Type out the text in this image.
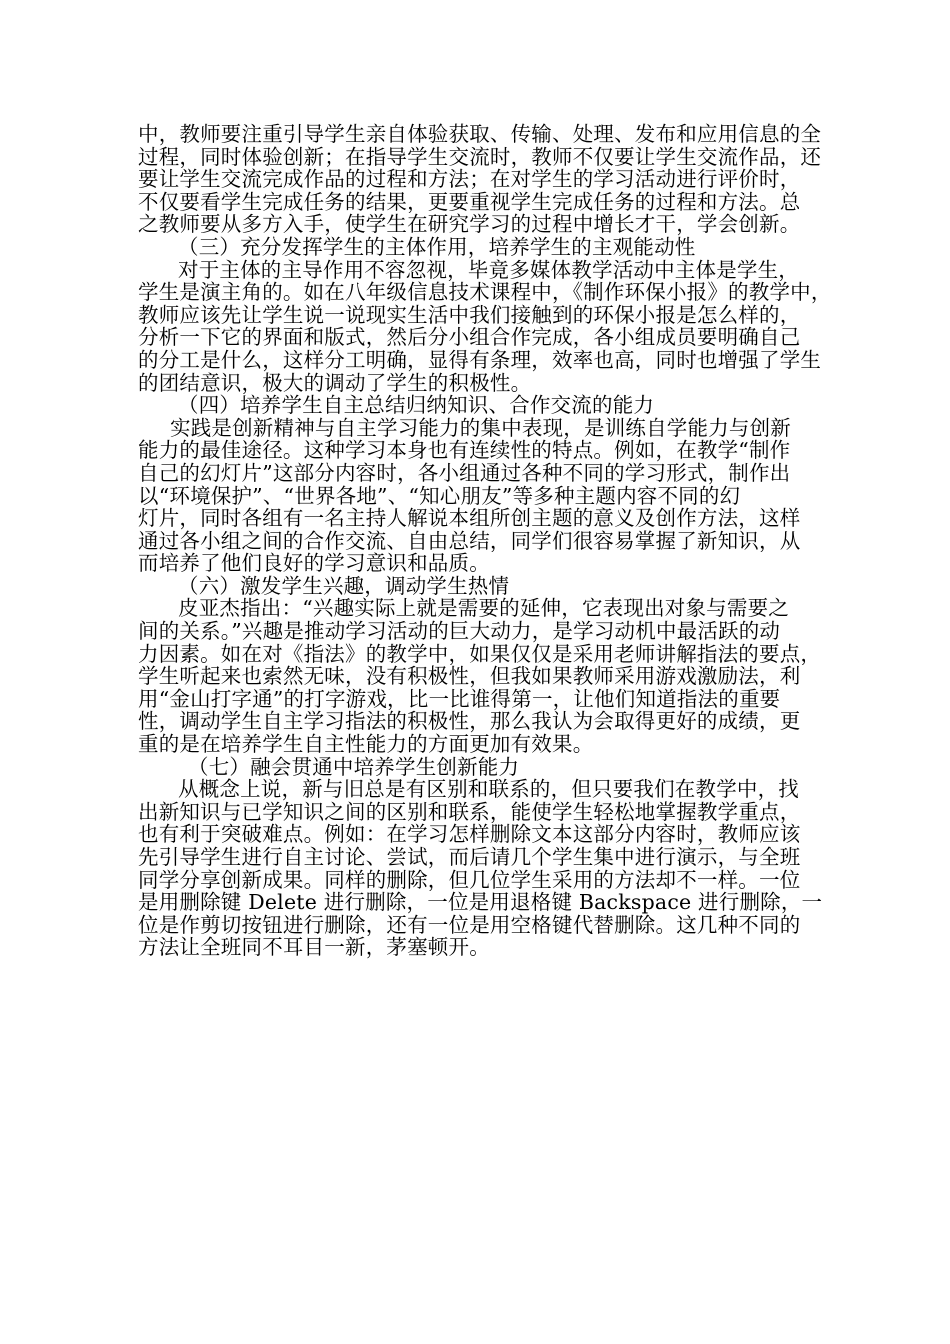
中，教师要注重引导学生亲自体验获取、传输、处理、发布和应用信息的全
过程，同时体验创新；在指导学生交流时，教师不仅要让学生交流作品，还
要让学生交流完成作品的过程和方法；在对学生的学习活动进行评价时，
不仅要看学生完成任务的结果，更要重视学生完成任务的过程和方法。总
之教师要从多方入手，使学生在研究学习的过程中增长才干，学会创新。
（三）充分发挥学生的主体作用，培养学生的主观能动性
对于主体的主导作用不容忽视，毕竟多媒体教学活动中主体是学生，
学生是演主角的。如在八年级信息技术课程中，《制作环保小报》的教学中，
教师应该先让学生说一说现实生活中我们接触到的环保小报是怎么样的，
分析一下它的界面和版式，然后分小组合作完成，各小组成员要明确自己
的分工是什么，这样分工明确，显得有条理，效率也高，同时也增强了学生
的团结意识，极大的调动了学生的积极性。
（四）培养学生自主总结归纳知识、合作交流的能力
实践是创新精神与自主学习能力的集中表现，是训练自学能力与创新
能力的最佳途径。这种学习本身也有连续性的特点。例如，在教学“制作
自己的幻灯片”这部分内容时，各小组通过各种不同的学习形式，制作出
以“环境保护”、“世界各地”、“知心朋友”等多种主题内容不同的幻
灯片，同时各组有一名主持人解说本组所创主题的意义及创作方法，这样
通过各小组之间的合作交流、自由总结，同学们很容易掌握了新知识，从
而培养了他们良好的学习意识和品质。
（六）激发学生兴趣，调动学生热情
皮亚杰指出：“兴趣实际上就是需要的延伸，它表现出对象与需要之
间的关系。”兴趣是推动学习活动的巨大动力，是学习动机中最活跃的动
力因素。如在对《指法》的教学中，如果仅仅是采用老师讲解指法的要点，
学生听起来也索然无味，没有积极性，但我如果教师采用游戏激励法，利
用“金山打字通”的打字游戏，比一比谁得第一，让他们知道指法的重要
性，调动学生自主学习指法的积极性，那么我认为会取得更好的成绩，更
重的是在培养学生自主性能力的方面更加有效果。
（七）融会贯通中培养学生创新能力
从概念上说，新与旧总是有区别和联系的，但只要我们在教学中，找
出新知识与已学知识之间的区别和联系，能使学生轻松地掌握教学重点，
也有利于突破难点。例如：在学习怎样删除文本这部分内容时，教师应该
先引导学生进行自主讨论、尝试，而后请几个学生集中进行演示，与全班
同学分享创新成果。同样的删除，但几位学生采用的方法却不一样。一位
是用删除键 Delete 进行删除，一位是用退格键 Backspace 进行删除，一
位是作剪切按钮进行删除，还有一位是用空格键代替删除。这几种不同的
方法让全班同不耳目一新，茅塞顿开。
